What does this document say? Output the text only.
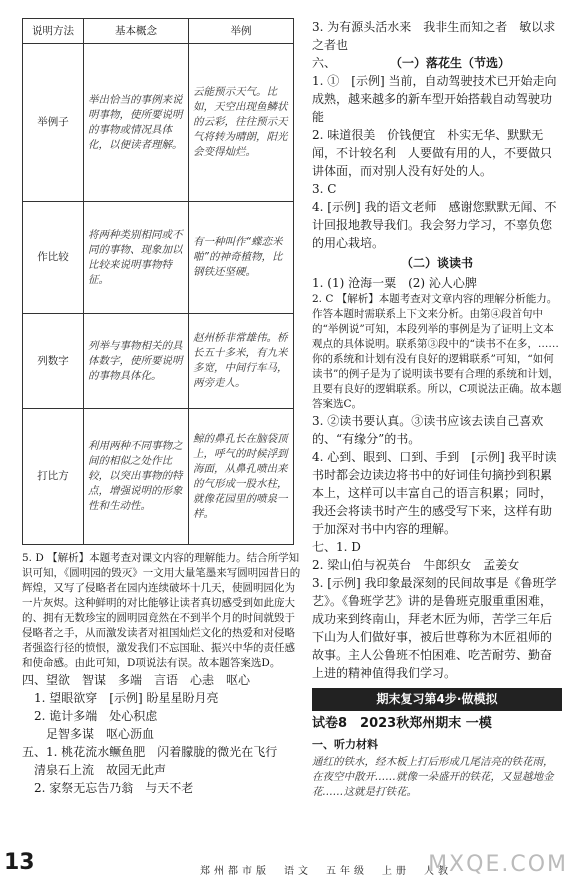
说明方法	基本概念	举例
举例子	举出恰当的事例来说明事物，使所要说明的事物或情况具体化，以便读者理解。	云能预示天气。比如，天空出现鱼鳞状的云彩，往往预示天气将转为晴朗，阳光会变得灿烂。
作比较	将两种类别相同或不同的事物、现象加以比较来说明事物特征。	有一种叫作“蝶恋米啪”的神奇植物，比钢铁还坚硬。
列数字	列举与事物相关的具体数字，使所要说明的事物具体化。	赵州桥非常雄伟。桥长五十多米，有九米多宽，中间行车马，两旁走人。
打比方	利用两种不同事物之间的相似之处作比较，以突出事物的特点，增强说明的形象性和生动性。	鲸的鼻孔长在脑袋顶上，呼气的时候浮到海面，从鼻孔喷出来的气形成一股水柱，就像花园里的喷泉一样。

5. D 【解析】本题考查对课文内容的理解能力。结合所学知识可知，《圆明园的毁灭》一文用大量笔墨来写圆明园昔日的辉煌，又写了侵略者在园内连续破坏十几天，使圆明园化为一片灰烬。这种鲜明的对比能够让读者真切感受到如此庞大的、拥有无数珍宝的圆明园竟然在不到半个月的时间就毁于侵略者之手，从而激发读者对祖国灿烂文化的热爱和对侵略者强盗行径的愤恨，激发我们不忘国耻、振兴中华的责任感和使命感。由此可知，D项说法有误。故本题答案选D。

四、望欲　智谋　多端　言语　心恚　呕心

1. 望眼欲穿　[示例] 盼星星盼月亮

2. 诡计多端　处心积虑

足智多谋　呕心沥血

五、1. 桃花流水鳜鱼肥　闪着朦胧的微光在飞行

清泉石上流　故园无此声

2. 家祭无忘告乃翁　与天不老

3. 为有源头活水来　我非生而知之者　敏以求之者也

六、	（一）落花生（节选）

1. ①　[示例] 当前，自动驾驶技术已开始走向成熟，越来越多的新车型开始搭载自动驾驶功能

2. 味道很美　价钱便宜　朴实无华、默默无闻，不计较名利　人要做有用的人，不要做只讲体面，而对别人没有好处的人。

3. C

4. [示例] 我的语文老师　感谢您默默无闻、不计回报地教导我们。我会努力学习，不辜负您的用心栽培。

（二）谈读书

1. (1) 沧海一粟　(2) 沁人心脾

2. C 【解析】本题考查对文章内容的理解分析能力。作答本题时需联系上下文来分析。由第④段首句中的“举例说”可知，本段列举的事例是为了证明上文本观点的具体说明。联系第③段中的“读书不在多，……你的系统和计划有没有良好的逻辑联系”可知，“如何读书”的例子是为了说明读书要有合理的系统和计划，且要有良好的逻辑联系。所以，C项说法正确。故本题答案选C。

3. ②读书要认真。③读书应该去读自己喜欢的、“有缘分”的书。

4. 心到、眼到、口到、手到　[示例] 我平时读书时都会边读边将书中的好词佳句摘抄到积累本上，这样可以丰富自己的语言积累；同时，我还会将读书时产生的感受写下来，这样有助于加深对书中内容的理解。

七、1. D

2. 梁山伯与祝英台　牛郎织女　孟姜女

3. [示例] 我印象最深刻的民间故事是《鲁班学艺》。《鲁班学艺》讲的是鲁班克服重重困难，成功来到终南山，拜老木匠为师，苦学三年后下山为人们做好事，被后世尊称为木匠祖师的故事。主人公鲁班不怕困难、吃苦耐劳、勤奋上进的精神值得我们学习。

期末复习第4步·做模拟

试卷8　2023秋郑州期末 一模

一、听力材料

通红的铁水，经木板上打后形成几尾洁亮的铁花雨，在夜空中散开……就像一朵盛开的铁花，又显越地金花……这就是打铁花。

13	郑州都市版　语文　五年级　上册　人教
MXQE.COM
